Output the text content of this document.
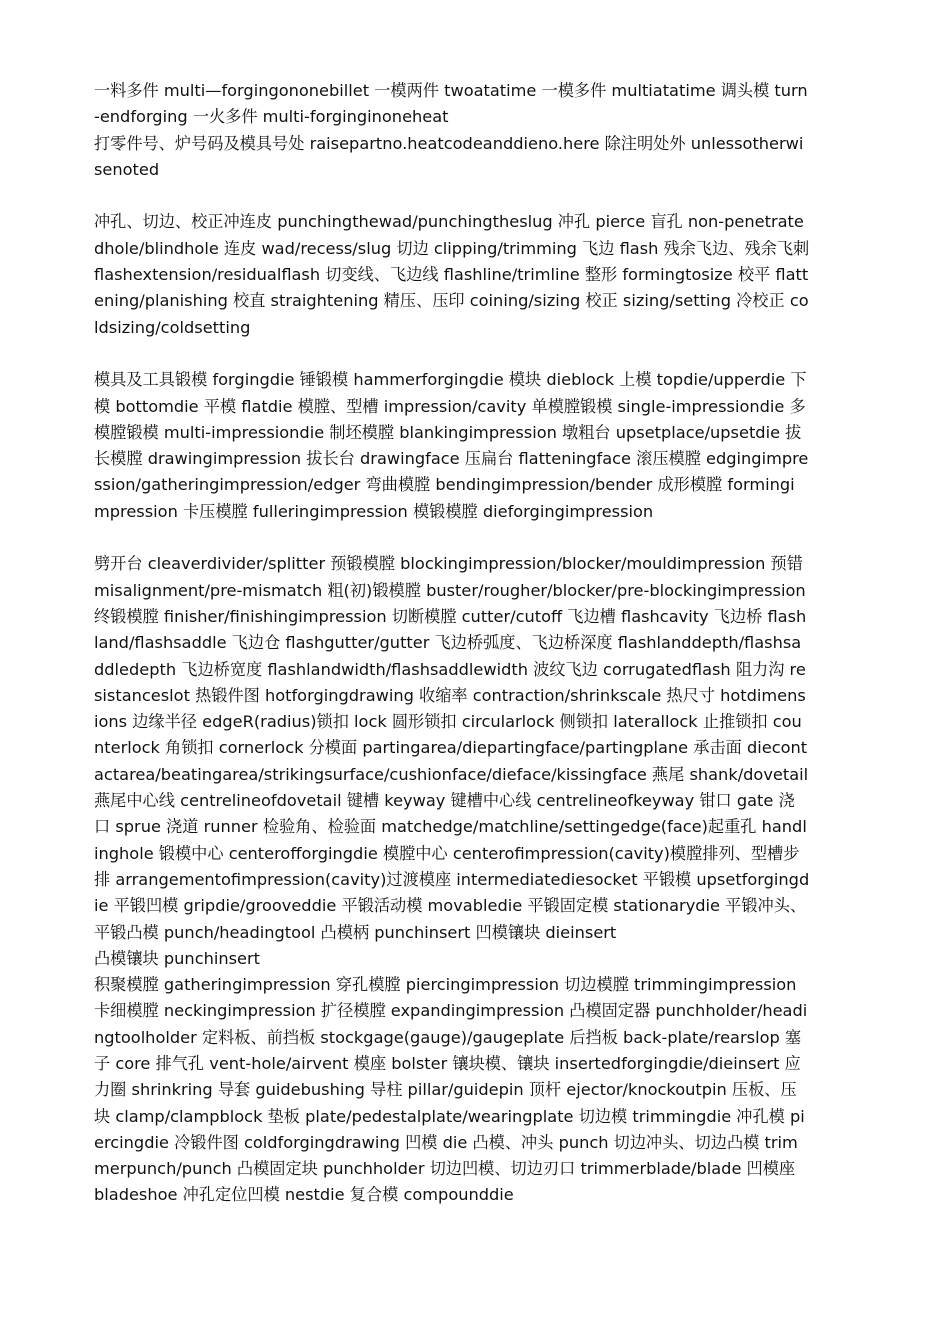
一料多件 multi—forgingononebillet 一模两件 twoatatime 一模多件 multiatatime 调头模 turn-endforging 一火多件 multi-forginginoneheat

打零件号、炉号码及模具号处 raisepartno.heatcodeanddieno.here 除注明处外 unlessotherwisenoted

冲孔、切边、校正冲连皮 punchingthewad/punchingtheslug 冲孔 pierce 盲孔 non-penetratedhole/blindhole 连皮 wad/recess/slug 切边 clipping/trimming 飞边 flash 残余飞边、残余飞刺 flashextension/residualflash 切变线、飞边线 flashline/trimline 整形 formingtosize 校平 flattening/planishing 校直 straightening 精压、压印 coining/sizing 校正 sizing/setting 冷校正 coldsizing/coldsetting

模具及工具锻模 forgingdie 锤锻模 hammerforgingdie 模块 dieblock 上模 topdie/upperdie 下模 bottomdie 平模 flatdie 模膛、型槽 impression/cavity 单模膛锻模 single-impressiondie 多模膛锻模 multi-impressiondie 制坯模膛 blankingimpression 墩粗台 upsetplace/upsetdie 拔长模膛 drawingimpression 拔长台 drawingface 压扁台 flatteningface 滚压模膛 edgingimpression/gatheringimpression/edger 弯曲模膛 bendingimpression/bender 成形模膛 formingimpression 卡压模膛 fulleringimpression 模锻模膛 dieforgingimpression

劈开台 cleaverdivider/splitter 预锻模膛 blockingimpression/blocker/mouldimpression 预错 misalignment/pre-mismatch 粗(初)锻模膛 buster/rougher/blocker/pre-blockingimpression 终锻模膛 finisher/finishingimpression 切断模膛 cutter/cutoff 飞边槽 flashcavity 飞边桥 flashland/flashsaddle 飞边仓 flashgutter/gutter 飞边桥弧度、飞边桥深度 flashlanddepth/flashsaddledepth 飞边桥宽度 flashlandwidth/flashsaddlewidth 波纹飞边 corrugatedflash 阻力沟 resistanceslot 热锻件图 hotforgingdrawing 收缩率 contraction/shrinkscale 热尺寸 hotdimensions 边缘半径 edgeR(radius)锁扣 lock 圆形锁扣 circularlock 侧锁扣 laterallock 止推锁扣 counterlock 角锁扣 cornerlock 分模面 partingarea/diepartingface/partingplane 承击面 diecontactarea/beatingarea/strikingsurface/cushionface/dieface/kissingface 燕尾 shank/dovetail 燕尾中心线 centrelineofdovetail 键槽 keyway 键槽中心线 centrelineofkeyway 钳口 gate 浇口 sprue 浇道 runner 检验角、检验面 matchedge/matchline/settingedge(face)起重孔 handlinghole 锻模中心 centerofforgingdie 模膛中心 centerofimpression(cavity)模膛排列、型槽步排 arrangementofimpression(cavity)过渡模座 intermediatediesocket 平锻模 upsetforgingdie 平锻凹模 gripdie/grooveddie 平锻活动模 movabledie 平锻固定模 stationarydie 平锻冲头、平锻凸模 punch/headingtool 凸模柄 punchinsert 凹模镶块 dieinsert

凸模镶块 punchinsert

积聚模膛 gatheringimpression 穿孔模膛 piercingimpression 切边模膛 trimmingimpression 卡细模膛 neckingimpression 扩径模膛 expandingimpression 凸模固定器 punchholder/headingtoolholder 定料板、前挡板 stockgage(gauge)/gaugeplate 后挡板 back-plate/rearslop 塞子 core 排气孔 vent-hole/airvent 模座 bolster 镶块模、镶块 insertedforgingdie/dieinsert 应力圈 shrinkring 导套 guidebushing 导柱 pillar/guidepin 顶杆 ejector/knockoutpin 压板、压块 clamp/clampblock 垫板 plate/pedestalplate/wearingplate 切边模 trimmingdie 冲孔模 piercingdie 冷锻件图 coldforgingdrawing 凹模 die 凸模、冲头 punch 切边冲头、切边凸模 trimmerpunch/punch 凸模固定块 punchholder 切边凹模、切边刃口 trimmerblade/blade 凹模座 bladeshoe 冲孔定位凹模 nestdie 复合模 compounddie
